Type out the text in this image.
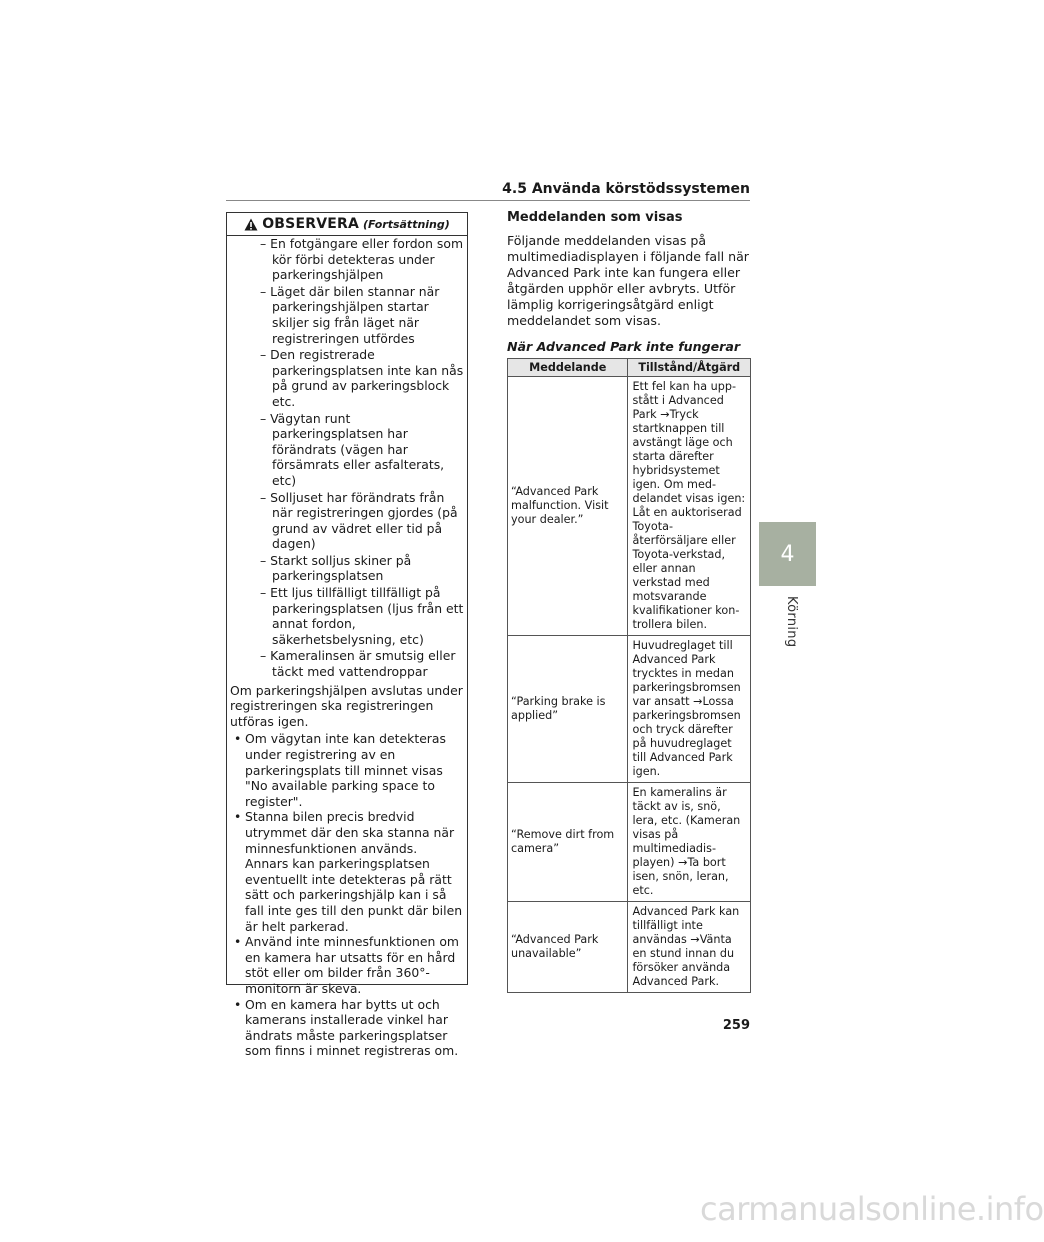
4.5 Använda körstödssystemen
4
Körning
OBSERVERA (Fortsättning)

– En fotgängare eller fordon som kör förbi detekteras under parkeringshjälpen

– Läget där bilen stannar när parkeringshjälpen startar skiljer sig från läget när registreringen utfördes

– Den registrerade parkeringsplatsen inte kan nås på grund av parkeringsblock etc.

– Vägytan runt parkeringsplatsen har förändrats (vägen har försämrats eller asfalterats, etc)

– Solljuset har förändrats från när registreringen gjordes (på grund av vädret eller tid på dagen)

– Starkt solljus skiner på parkeringsplatsen

– Ett ljus tillfälligt tillfälligt på parkeringsplatsen (ljus från ett annat fordon, säkerhetsbelysning, etc)

– Kameralinsen är smutsig eller täckt med vattendroppar

Om parkeringshjälpen avslutas under registreringen ska registreringen utföras igen.

• Om vägytan inte kan detekteras under registrering av en parkeringsplats till minnet visas "No available parking space to register".

• Stanna bilen precis bredvid utrymmet där den ska stanna när minnesfunktionen används. Annars kan parkeringsplatsen eventuellt inte detekteras på rätt sätt och parkeringshjälp kan i så fall inte ges till den punkt där bilen är helt parkerad.

• Använd inte minnesfunktionen om en kamera har utsatts för en hård stöt eller om bilder från 360°-monitorn är skeva.

• Om en kamera har bytts ut och kamerans installerade vinkel har ändrats måste parkeringsplatser som finns i minnet registreras om.

Meddelanden som visas

Följande meddelanden visas på multimediadisplayen i följande fall när Advanced Park inte kan fungera eller åtgärden upphör eller avbryts. Utför lämplig korrigeringsåtgärd enligt meddelandet som visas.

När Advanced Park inte fungerar

Meddelande	Tillstånd/Åtgärd
“Advanced Park malfunction. Visit your dealer.”	Ett fel kan ha uppstått i Advanced Park →Tryck startknappen till avstängt läge och starta därefter hybridsystemet igen. Om meddelandet visas igen: Låt en auktoriserad Toyota-återförsäljare eller Toyota-verkstad, eller annan verkstad med motsvarande kvalifikationer kontrollera bilen.
“Parking brake is applied”	Huvudreglaget till Advanced Park trycktes in medan parkeringsbromsen var ansatt →Lossa parkeringsbromsen och tryck därefter på huvudreglaget till Advanced Park igen.
“Remove dirt from camera”	En kameralins är täckt av is, snö, lera, etc. (Kameran visas på multimediadisplayen) →Ta bort isen, snön, leran, etc.
“Advanced Park unavailable”	Advanced Park kan tillfälligt inte användas →Vänta en stund innan du försöker använda Advanced Park.
259
carmanualsonline.info
